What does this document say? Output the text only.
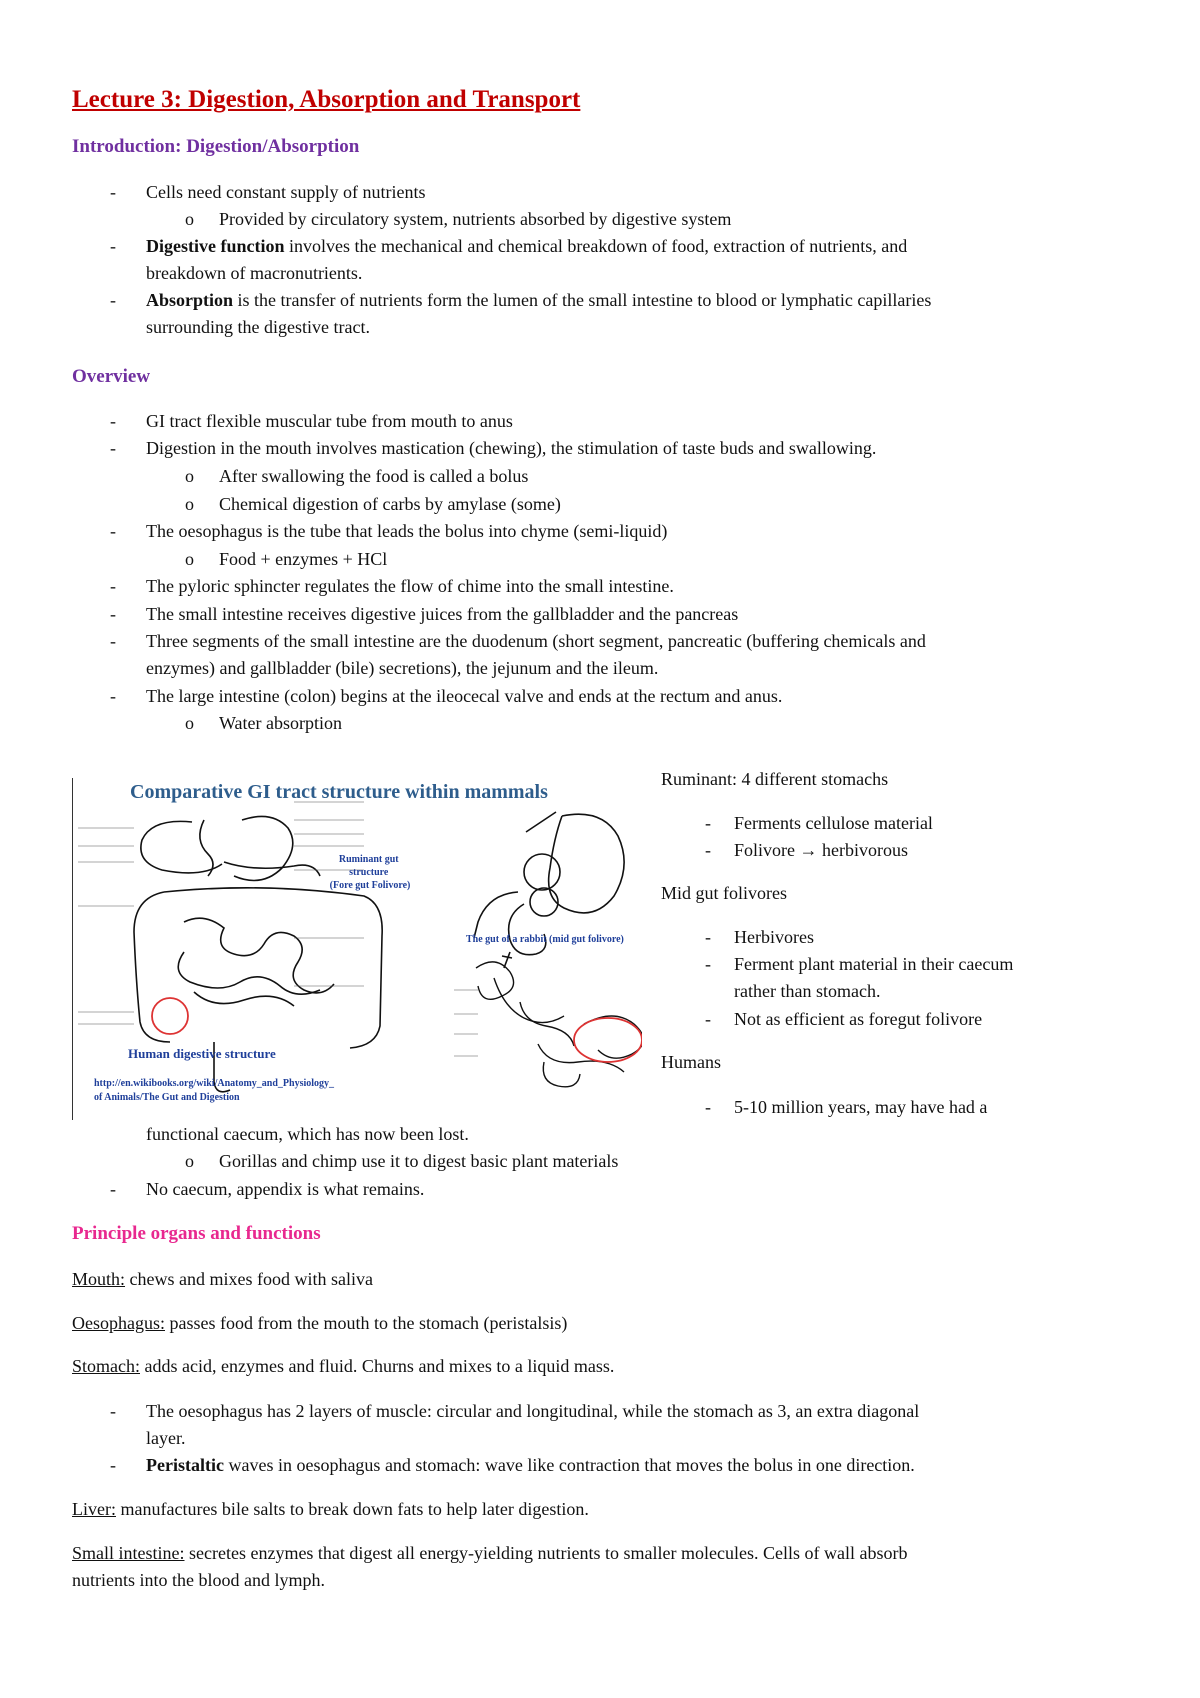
Lecture 3: Digestion, Absorption and Transport
Introduction: Digestion/Absorption
- Cells need constant supply of nutrients
o Provided by circulatory system, nutrients absorbed by digestive system
- Digestive function involves the mechanical and chemical breakdown of food, extraction of nutrients, and
breakdown of macronutrients.
- Absorption is the transfer of nutrients form the lumen of the small intestine to blood or lymphatic capillaries
surrounding the digestive tract.
Overview
- GI tract flexible muscular tube from mouth to anus
- Digestion in the mouth involves mastication (chewing), the stimulation of taste buds and swallowing.
o After swallowing the food is called a bolus
o Chemical digestion of carbs by amylase (some)
- The oesophagus is the tube that leads the bolus into chyme (semi-liquid)
o Food + enzymes + HCl
- The pyloric sphincter regulates the flow of chime into the small intestine.
- The small intestine receives digestive juices from the gallbladder and the pancreas
- Three segments of the small intestine are the duodenum (short segment, pancreatic (buffering chemicals and
enzymes) and gallbladder (bile) secretions), the jejunum and the ileum.
- The large intestine (colon) begins at the ileocecal valve and ends at the rectum and anus.
o Water absorption
Comparative GI tract structure within mammals
Human digestive structure
http://en.wikibooks.org/wiki/Anatomy_and_Physiology_ of Animals/The Gut and Digestion
Ruminant gut structure (Fore gut Folivore)
The gut of a rabbit (mid gut folivore)
Ruminant: 4 different stomachs
- Ferments cellulose material
- Folivore → herbivorous
Mid gut folivores
- Herbivores
- Ferment plant material in their caecum
rather than stomach.
- Not as efficient as foregut folivore
Humans
- 5-10 million years, may have had a
functional caecum, which has now been lost.
o Gorillas and chimp use it to digest basic plant materials
- No caecum, appendix is what remains.
Principle organs and functions
Mouth: chews and mixes food with saliva
Oesophagus: passes food from the mouth to the stomach (peristalsis)
Stomach: adds acid, enzymes and fluid. Churns and mixes to a liquid mass.
- The oesophagus has 2 layers of muscle: circular and longitudinal, while the stomach as 3, an extra diagonal
layer.
- Peristaltic waves in oesophagus and stomach: wave like contraction that moves the bolus in one direction.
Liver: manufactures bile salts to break down fats to help later digestion.
Small intestine: secretes enzymes that digest all energy-yielding nutrients to smaller molecules. Cells of wall absorb
nutrients into the blood and lymph.
